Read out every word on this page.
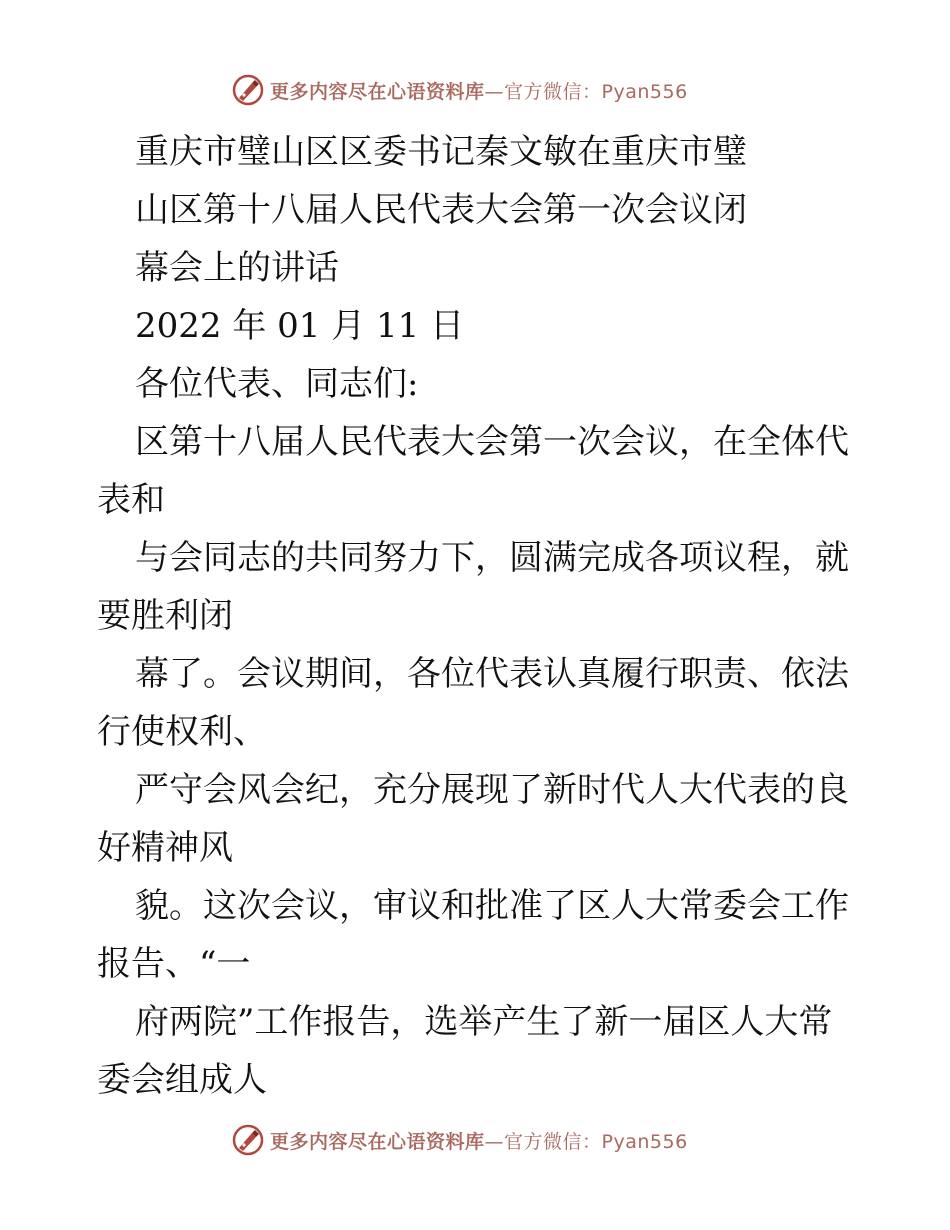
更多内容尽在心语资料库 —官方微信：Pyan556
重庆市璧山区区委书记秦文敏在重庆市璧
山区第十八届人民代表大会第一次会议闭
幕会上的讲话
2022 年 01 月 11 日
各位代表、同志们:
区第十八届人民代表大会第一次会议，在全体代
表和
与会同志的共同努力下，圆满完成各项议程，就
要胜利闭
幕了。会议期间，各位代表认真履行职责、依法
行使权利、
严守会风会纪，充分展现了新时代人大代表的良
好精神风
貌。这次会议，审议和批准了区人大常委会工作
报告、“一
府两院”工作报告，选举产生了新一届区人大常
委会组成人
更多内容尽在心语资料库 —官方微信：Pyan556
